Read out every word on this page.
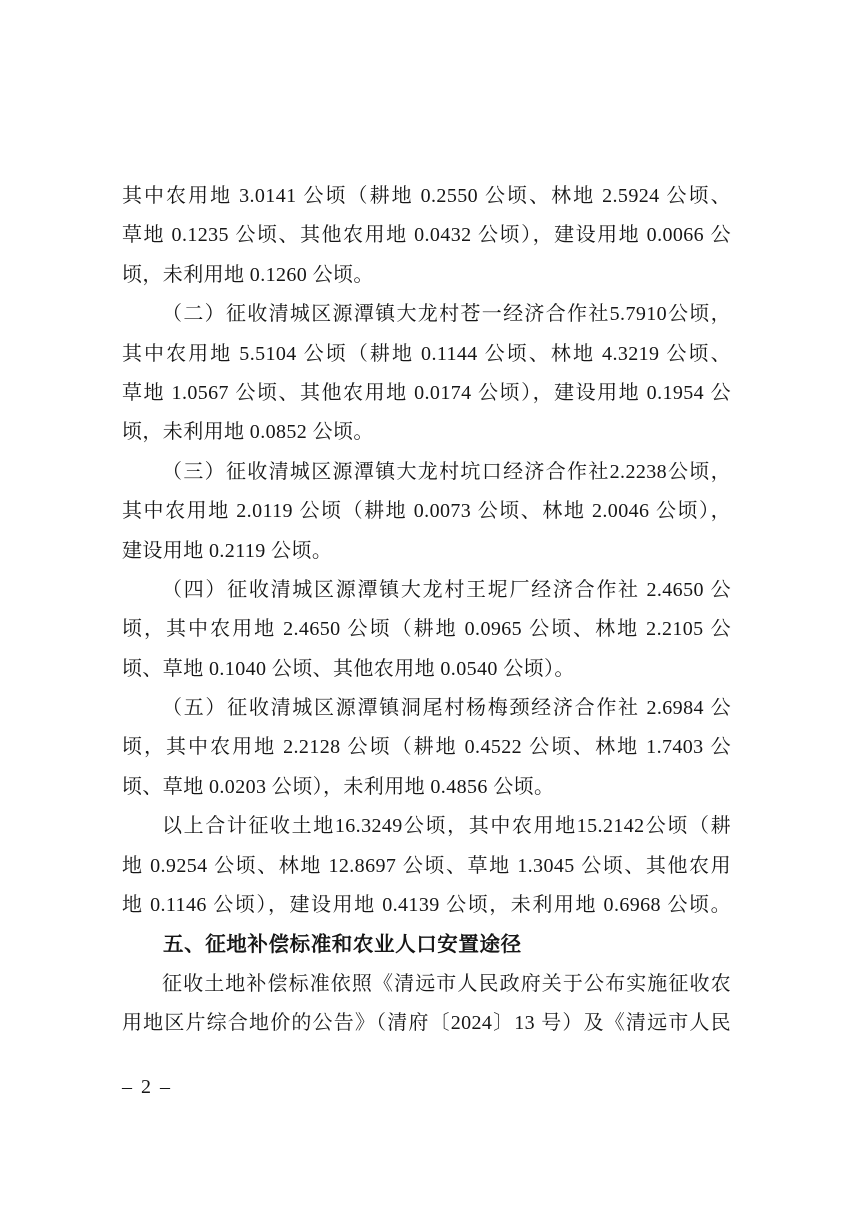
其中农用地 3.0141 公顷（耕地 0.2550 公顷、林地 2.5924 公顷、
草地 0.1235 公顷、其他农用地 0.0432 公顷），建设用地 0.0066 公
顷，未利用地 0.1260 公顷。
（二）征收清城区源潭镇大龙村苍一经济合作社5.7910公顷，
其中农用地 5.5104 公顷（耕地 0.1144 公顷、林地 4.3219 公顷、
草地 1.0567 公顷、其他农用地 0.0174 公顷），建设用地 0.1954 公
顷，未利用地 0.0852 公顷。
（三）征收清城区源潭镇大龙村坑口经济合作社2.2238公顷，
其中农用地 2.0119 公顷（耕地 0.0073 公顷、林地 2.0046 公顷），
建设用地 0.2119 公顷。
（四）征收清城区源潭镇大龙村王坭厂经济合作社 2.4650 公
顷，其中农用地 2.4650 公顷（耕地 0.0965 公顷、林地 2.2105 公
顷、草地 0.1040 公顷、其他农用地 0.0540 公顷）。
（五）征收清城区源潭镇洞尾村杨梅颈经济合作社 2.6984 公
顷，其中农用地 2.2128 公顷（耕地 0.4522 公顷、林地 1.7403 公
顷、草地 0.0203 公顷），未利用地 0.4856 公顷。
以上合计征收土地16.3249公顷，其中农用地15.2142公顷（耕
地 0.9254 公顷、林地 12.8697 公顷、草地 1.3045 公顷、其他农用
地 0.1146 公顷），建设用地 0.4139 公顷，未利用地 0.6968 公顷。
五、征地补偿标准和农业人口安置途径
征收土地补偿标准依照《清远市人民政府关于公布实施征收农
用地区片综合地价的公告》（清府〔2024〕13 号）及《清远市人民
– 2 –
